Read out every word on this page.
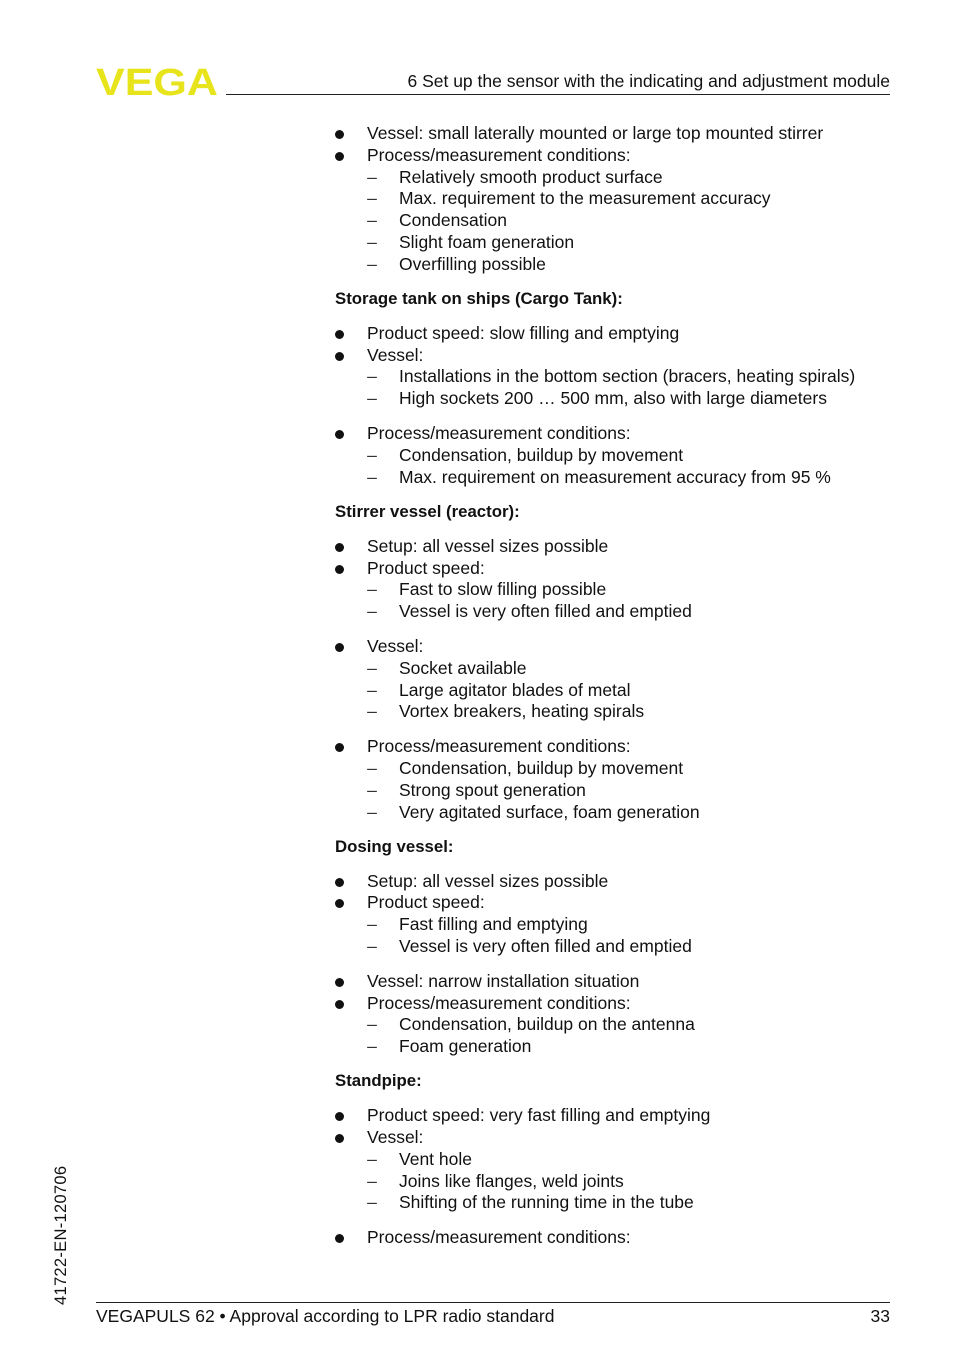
VEGA	6 Set up the sensor with the indicating and adjustment module
Vessel: small laterally mounted or large top mounted stirrer
Process/measurement conditions:
– Relatively smooth product surface
– Max. requirement to the measurement accuracy
– Condensation
– Slight foam generation
– Overfilling possible
Storage tank on ships (Cargo Tank):
Product speed: slow filling and emptying
Vessel:
– Installations in the bottom section (bracers, heating spirals)
– High sockets 200 … 500 mm, also with large diameters
Process/measurement conditions:
– Condensation, buildup by movement
– Max. requirement on measurement accuracy from 95 %
Stirrer vessel (reactor):
Setup: all vessel sizes possible
Product speed:
– Fast to slow filling possible
– Vessel is very often filled and emptied
Vessel:
– Socket available
– Large agitator blades of metal
– Vortex breakers, heating spirals
Process/measurement conditions:
– Condensation, buildup by movement
– Strong spout generation
– Very agitated surface, foam generation
Dosing vessel:
Setup: all vessel sizes possible
Product speed:
– Fast filling and emptying
– Vessel is very often filled and emptied
Vessel: narrow installation situation
Process/measurement conditions:
– Condensation, buildup on the antenna
– Foam generation
Standpipe:
Product speed: very fast filling and emptying
Vessel:
– Vent hole
– Joins like flanges, weld joints
– Shifting of the running time in the tube
Process/measurement conditions:
41722-EN-120706
VEGAPULS 62 • Approval according to LPR radio standard	33
